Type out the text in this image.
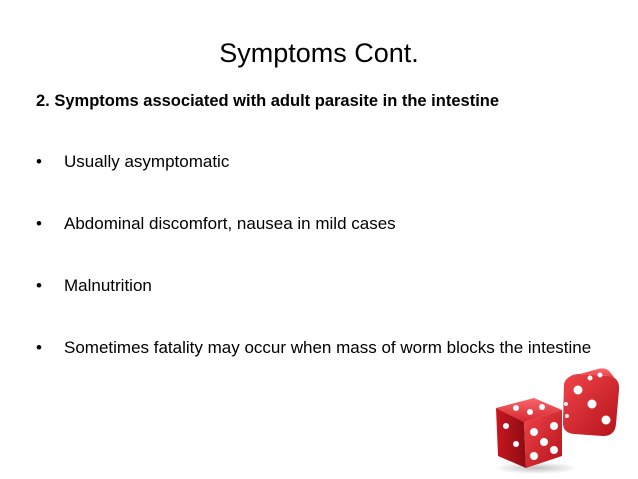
Symptoms Cont.

2. Symptoms associated with adult parasite in the intestine

• Usually asymptomatic
• Abdominal discomfort, nausea in mild cases
• Malnutrition
• Sometimes fatality may occur when mass of worm blocks the intestine
